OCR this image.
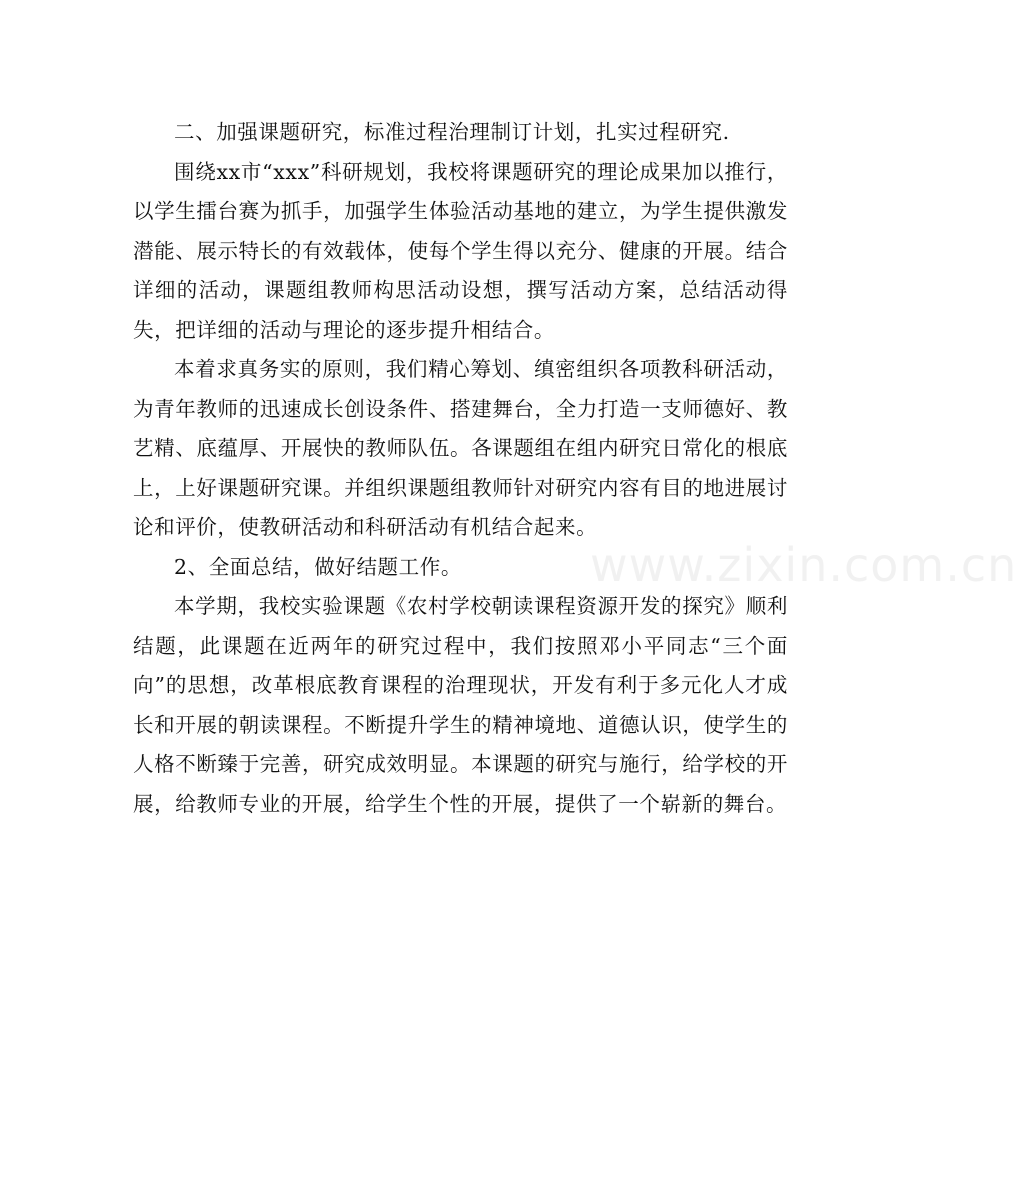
二、加强课题研究，标准过程治理制订计划，扎实过程研究.

围绕xx市“xxx”科研规划，我校将课题研究的理论成果加以推行，以学生擂台赛为抓手，加强学生体验活动基地的建立，为学生提供激发潜能、展示特长的有效载体，使每个学生得以充分、健康的开展。结合详细的活动，课题组教师构思活动设想，撰写活动方案，总结活动得失，把详细的活动与理论的逐步提升相结合。

本着求真务实的原则，我们精心筹划、缜密组织各项教科研活动，为青年教师的迅速成长创设条件、搭建舞台，全力打造一支师德好、教艺精、底蕴厚、开展快的教师队伍。各课题组在组内研究日常化的根底上，上好课题研究课。并组织课题组教师针对研究内容有目的地进展讨论和评价，使教研活动和科研活动有机结合起来。

2、全面总结，做好结题工作。

本学期，我校实验课题《农村学校朝读课程资源开发的探究》顺利结题，此课题在近两年的研究过程中，我们按照邓小平同志“三个面向”的思想，改革根底教育课程的治理现状，开发有利于多元化人才成长和开展的朝读课程。不断提升学生的精神境地、道德认识，使学生的人格不断臻于完善，研究成效明显。本课题的研究与施行，给学校的开展，给教师专业的开展，给学生个性的开展，提供了一个崭新的舞台。

www.zixin.com.cn
